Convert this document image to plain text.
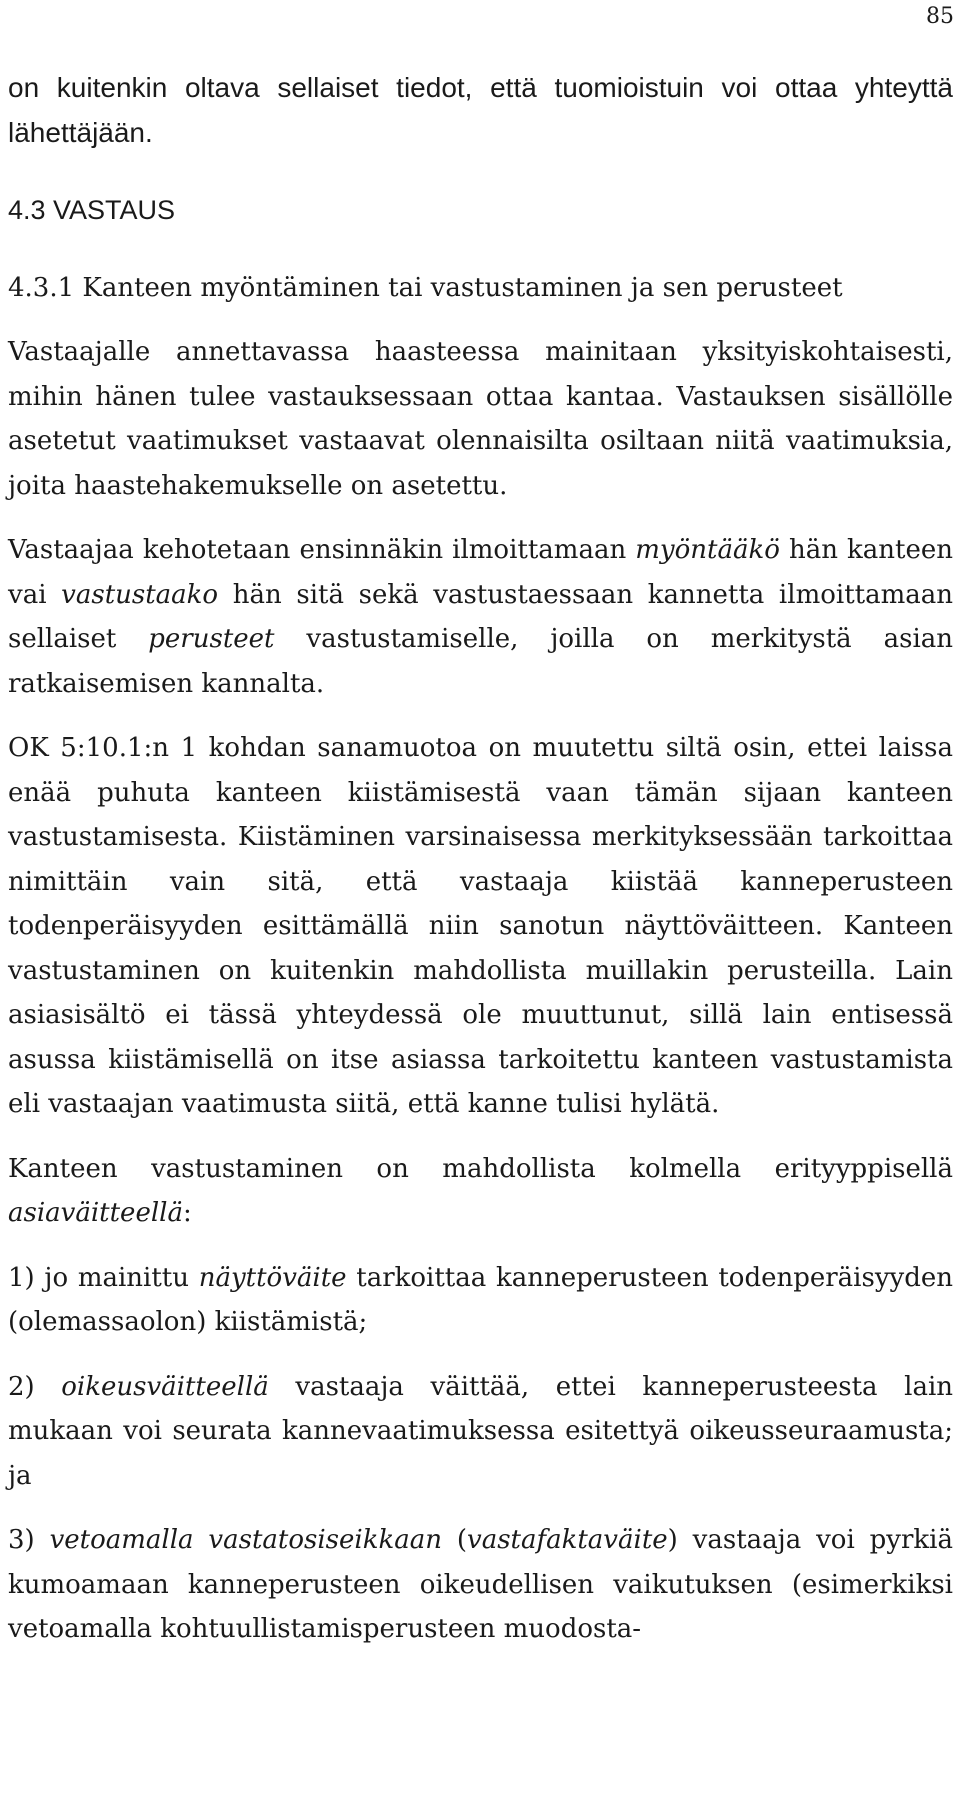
85

on kuitenkin oltava sellaiset tiedot, että tuomioistuin voi ottaa yhteyttä lähettäjään.

4.3 VASTAUS

4.3.1 Kanteen myöntäminen tai vastustaminen ja sen perusteet

Vastaajalle annettavassa haasteessa mainitaan yksityiskohtaisesti, mihin hänen tulee vastauksessaan ottaa kantaa. Vastauksen sisällölle asetetut vaatimukset vastaavat olennaisilta osiltaan niitä vaatimuksia, joita haastehakemukselle on asetettu.

Vastaajaa kehotetaan ensinnäkin ilmoittamaan myöntääkö hän kanteen vai vastustaako hän sitä sekä vastustaessaan kannetta ilmoittamaan sellaiset perusteet vastustamiselle, joilla on merkitystä asian ratkaisemisen kannalta.

OK 5:10.1:n 1 kohdan sanamuotoa on muutettu siltä osin, ettei laissa enää puhuta kanteen kiistämisestä vaan tämän sijaan kanteen vastustamisesta. Kiistäminen varsinaisessa merkityksessään tarkoittaa nimittäin vain sitä, että vastaaja kiistää kanneperusteen todenperäisyyden esittämällä niin sanotun näyttöväitteen. Kanteen vastustaminen on kuitenkin mahdollista muillakin perusteilla. Lain asiasisältö ei tässä yhteydessä ole muuttunut, sillä lain entisessä asussa kiistämisellä on itse asiassa tarkoitettu kanteen vastustamista eli vastaajan vaatimusta siitä, että kanne tulisi hylätä.

Kanteen vastustaminen on mahdollista kolmella erityyppisellä asiaväitteellä:

1) jo mainittu näyttöväite tarkoittaa kanneperusteen todenperäisyyden (olemassaolon) kiistämistä;

2) oikeusväitteellä vastaaja väittää, ettei kanneperusteesta lain mukaan voi seurata kannevaatimuksessa esitettyä oikeusseuraamusta; ja

3) vetoamalla vastatosiseikkaan (vastafaktaväite) vastaaja voi pyrkiä kumoamaan kanneperusteen oikeudellisen vaikutuksen (esimerkiksi vetoamalla kohtuullistamisperusteen muodosta-
